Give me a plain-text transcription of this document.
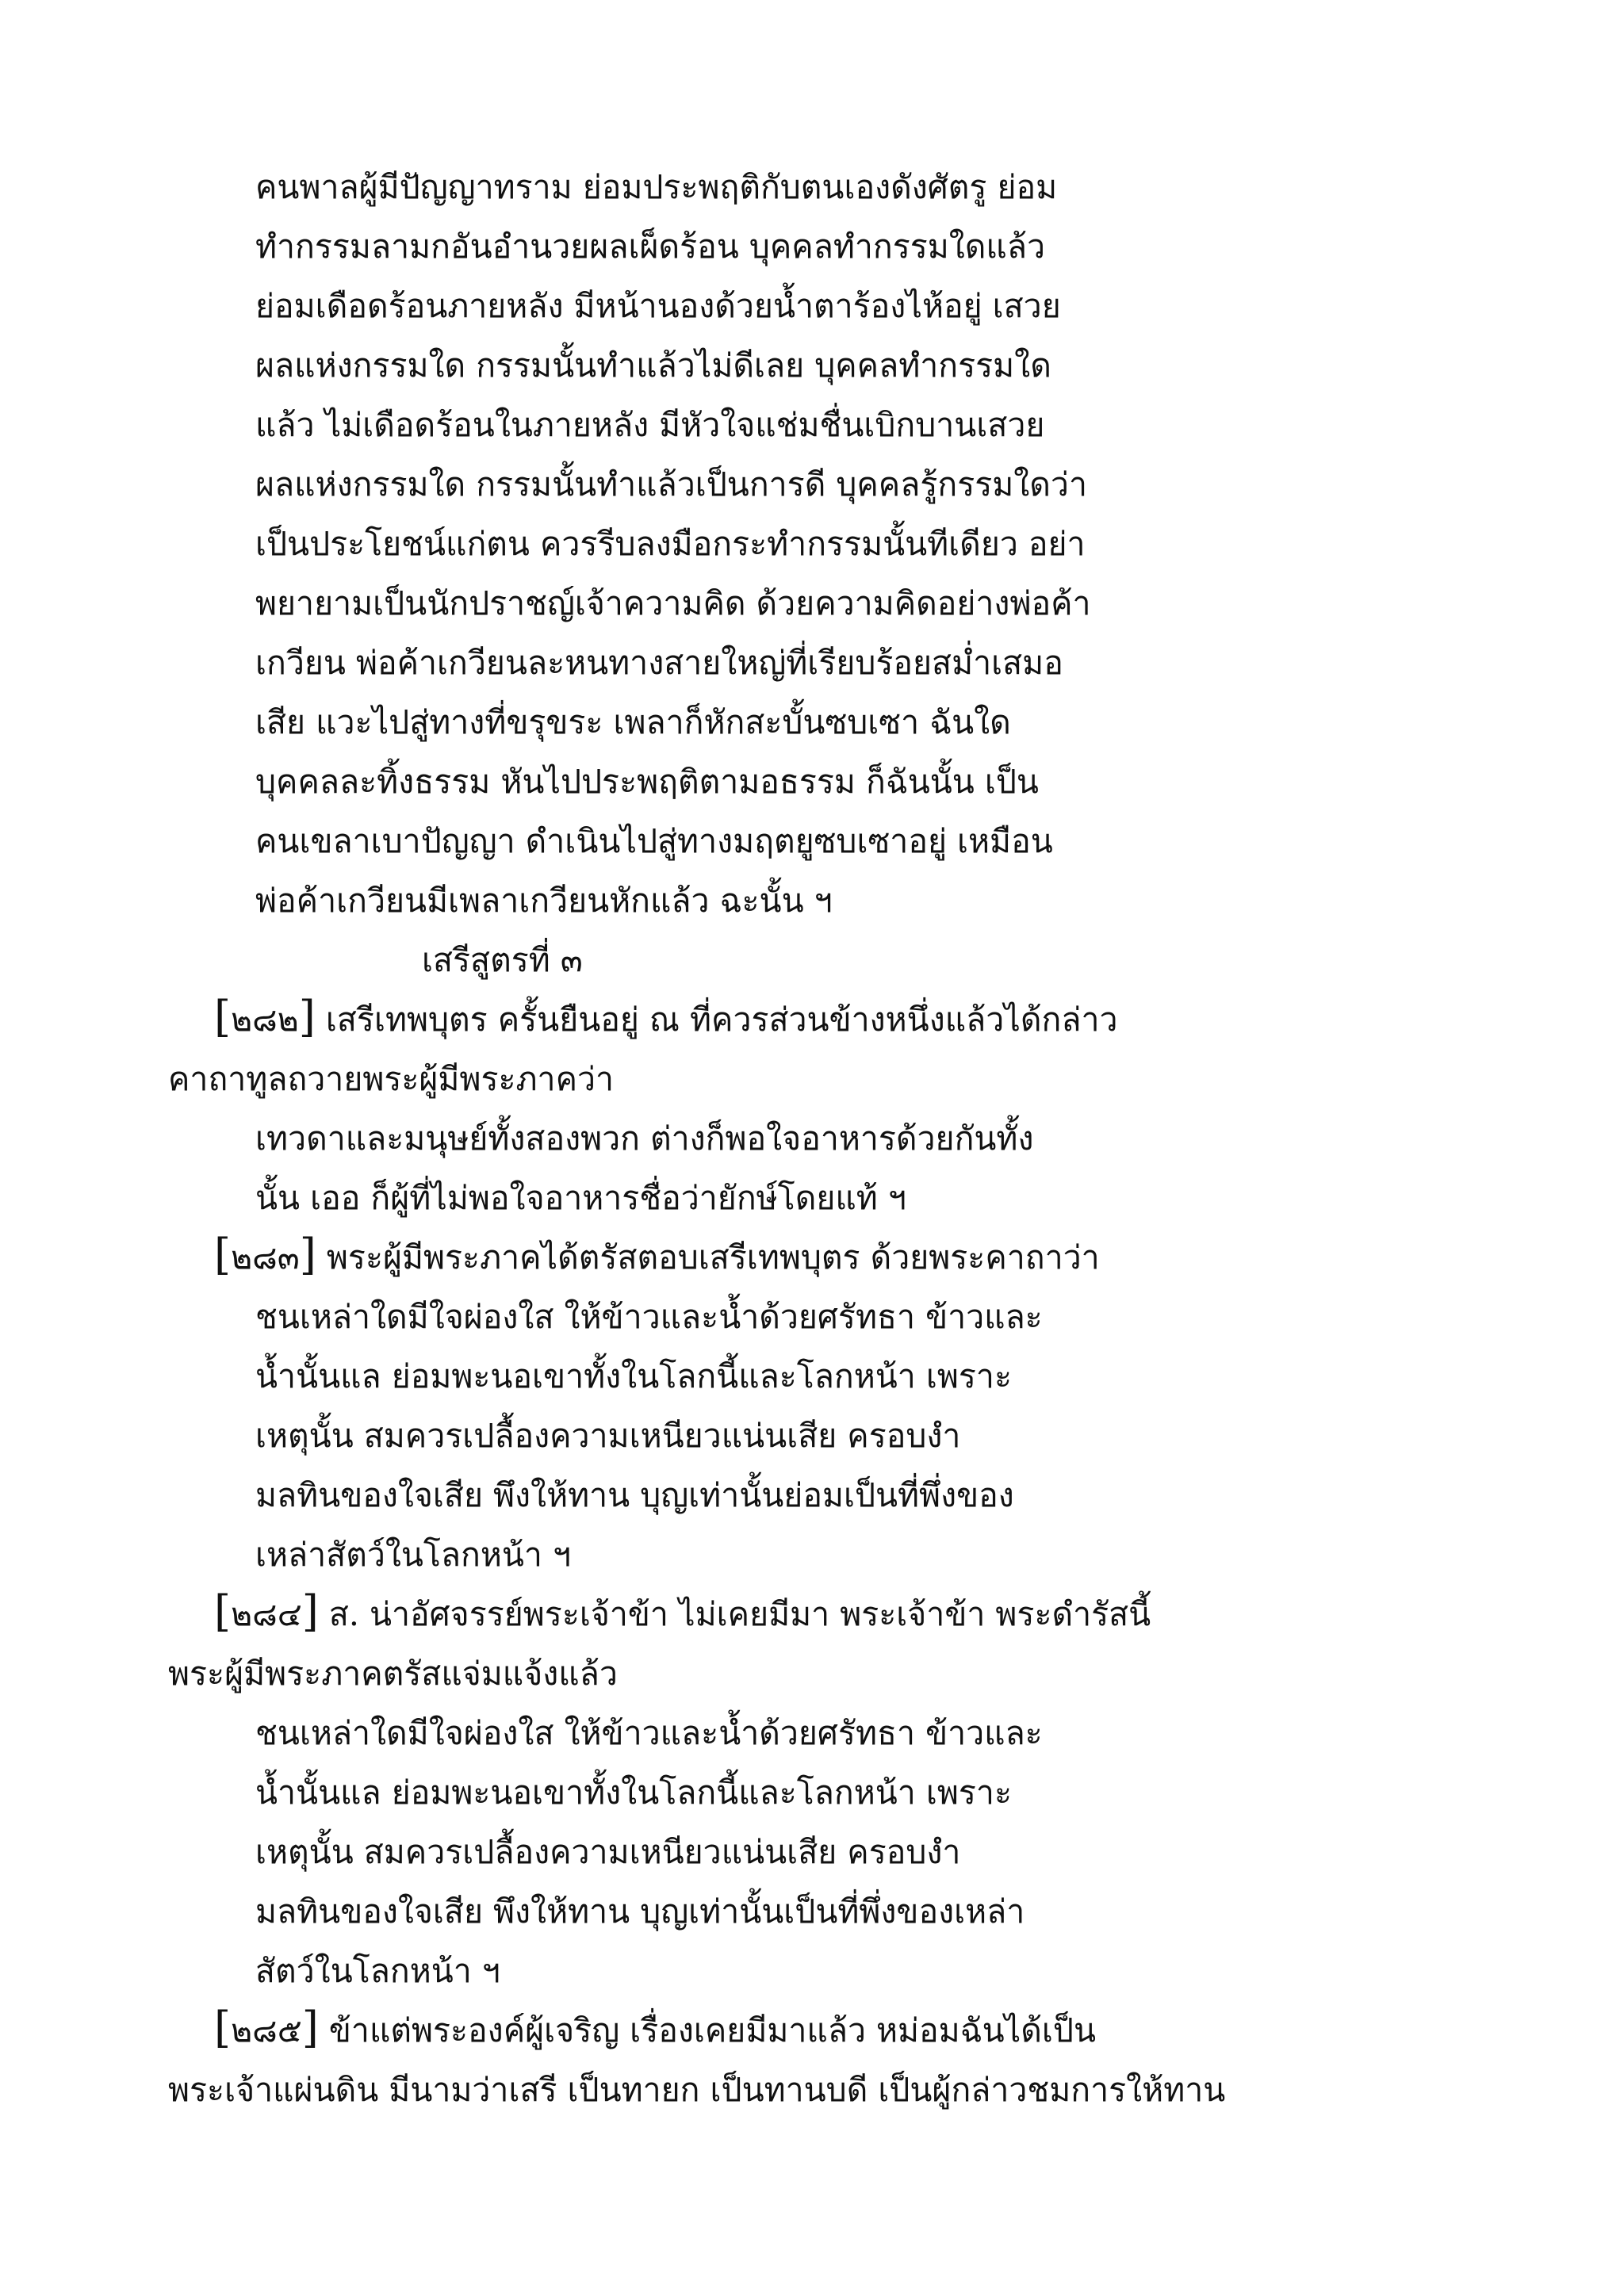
คนพาลผู้มีปัญญาทราม ย่อมประพฤติกับตนเองดังศัตรู ย่อม
ทำกรรมลามกอันอำนวยผลเผ็ดร้อน บุคคลทำกรรมใดแล้ว
ย่อมเดือดร้อนภายหลัง มีหน้านองด้วยน้ำตาร้องไห้อยู่ เสวย
ผลแห่งกรรมใด กรรมนั้นทำแล้วไม่ดีเลย บุคคลทำกรรมใด
แล้ว ไม่เดือดร้อนในภายหลัง มีหัวใจแช่มชื่นเบิกบานเสวย
ผลแห่งกรรมใด กรรมนั้นทำแล้วเป็นการดี บุคคลรู้กรรมใดว่า
เป็นประโยชน์แก่ตน ควรรีบลงมือกระทำกรรมนั้นทีเดียว อย่า
พยายามเป็นนักปราชญ์เจ้าความคิด ด้วยความคิดอย่างพ่อค้า
เกวียน พ่อค้าเกวียนละหนทางสายใหญ่ที่เรียบร้อยสม่ำเสมอ
เสีย แวะไปสู่ทางที่ขรุขระ เพลาก็หักสะบั้นซบเซา ฉันใด
บุคคลละทิ้งธรรม หันไปประพฤติตามอธรรม ก็ฉันนั้น เป็น
คนเขลาเบาปัญญา ดำเนินไปสู่ทางมฤตยูซบเซาอยู่ เหมือน
พ่อค้าเกวียนมีเพลาเกวียนหักแล้ว ฉะนั้น ฯ
เสรีสูตรที่ ๓
[๒๘๒] เสรีเทพบุตร ครั้นยืนอยู่ ณ ที่ควรส่วนข้างหนึ่งแล้วได้กล่าว
คาถาทูลถวายพระผู้มีพระภาคว่า
เทวดาและมนุษย์ทั้งสองพวก ต่างก็พอใจอาหารด้วยกันทั้ง
นั้น เออ ก็ผู้ที่ไม่พอใจอาหารชื่อว่ายักษ์โดยแท้ ฯ
[๒๘๓] พระผู้มีพระภาคได้ตรัสตอบเสรีเทพบุตร ด้วยพระคาถาว่า
ชนเหล่าใดมีใจผ่องใส ให้ข้าวและน้ำด้วยศรัทธา ข้าวและ
น้ำนั้นแล ย่อมพะนอเขาทั้งในโลกนี้และโลกหน้า เพราะ
เหตุนั้น สมควรเปลื้องความเหนียวแน่นเสีย ครอบงำ
มลทินของใจเสีย พึงให้ทาน บุญเท่านั้นย่อมเป็นที่พึ่งของ
เหล่าสัตว์ในโลกหน้า ฯ
[๒๘๔] ส. น่าอัศจรรย์พระเจ้าข้า ไม่เคยมีมา พระเจ้าข้า พระดำรัสนี้
พระผู้มีพระภาคตรัสแจ่มแจ้งแล้ว
ชนเหล่าใดมีใจผ่องใส ให้ข้าวและน้ำด้วยศรัทธา ข้าวและ
น้ำนั้นแล ย่อมพะนอเขาทั้งในโลกนี้และโลกหน้า เพราะ
เหตุนั้น สมควรเปลื้องความเหนียวแน่นเสีย ครอบงำ
มลทินของใจเสีย พึงให้ทาน บุญเท่านั้นเป็นที่พึ่งของเหล่า
สัตว์ในโลกหน้า ฯ
[๒๘๕] ข้าแต่พระองค์ผู้เจริญ เรื่องเคยมีมาแล้ว หม่อมฉันได้เป็น
พระเจ้าแผ่นดิน มีนามว่าเสรี เป็นทายก เป็นทานบดี เป็นผู้กล่าวชมการให้ทาน
